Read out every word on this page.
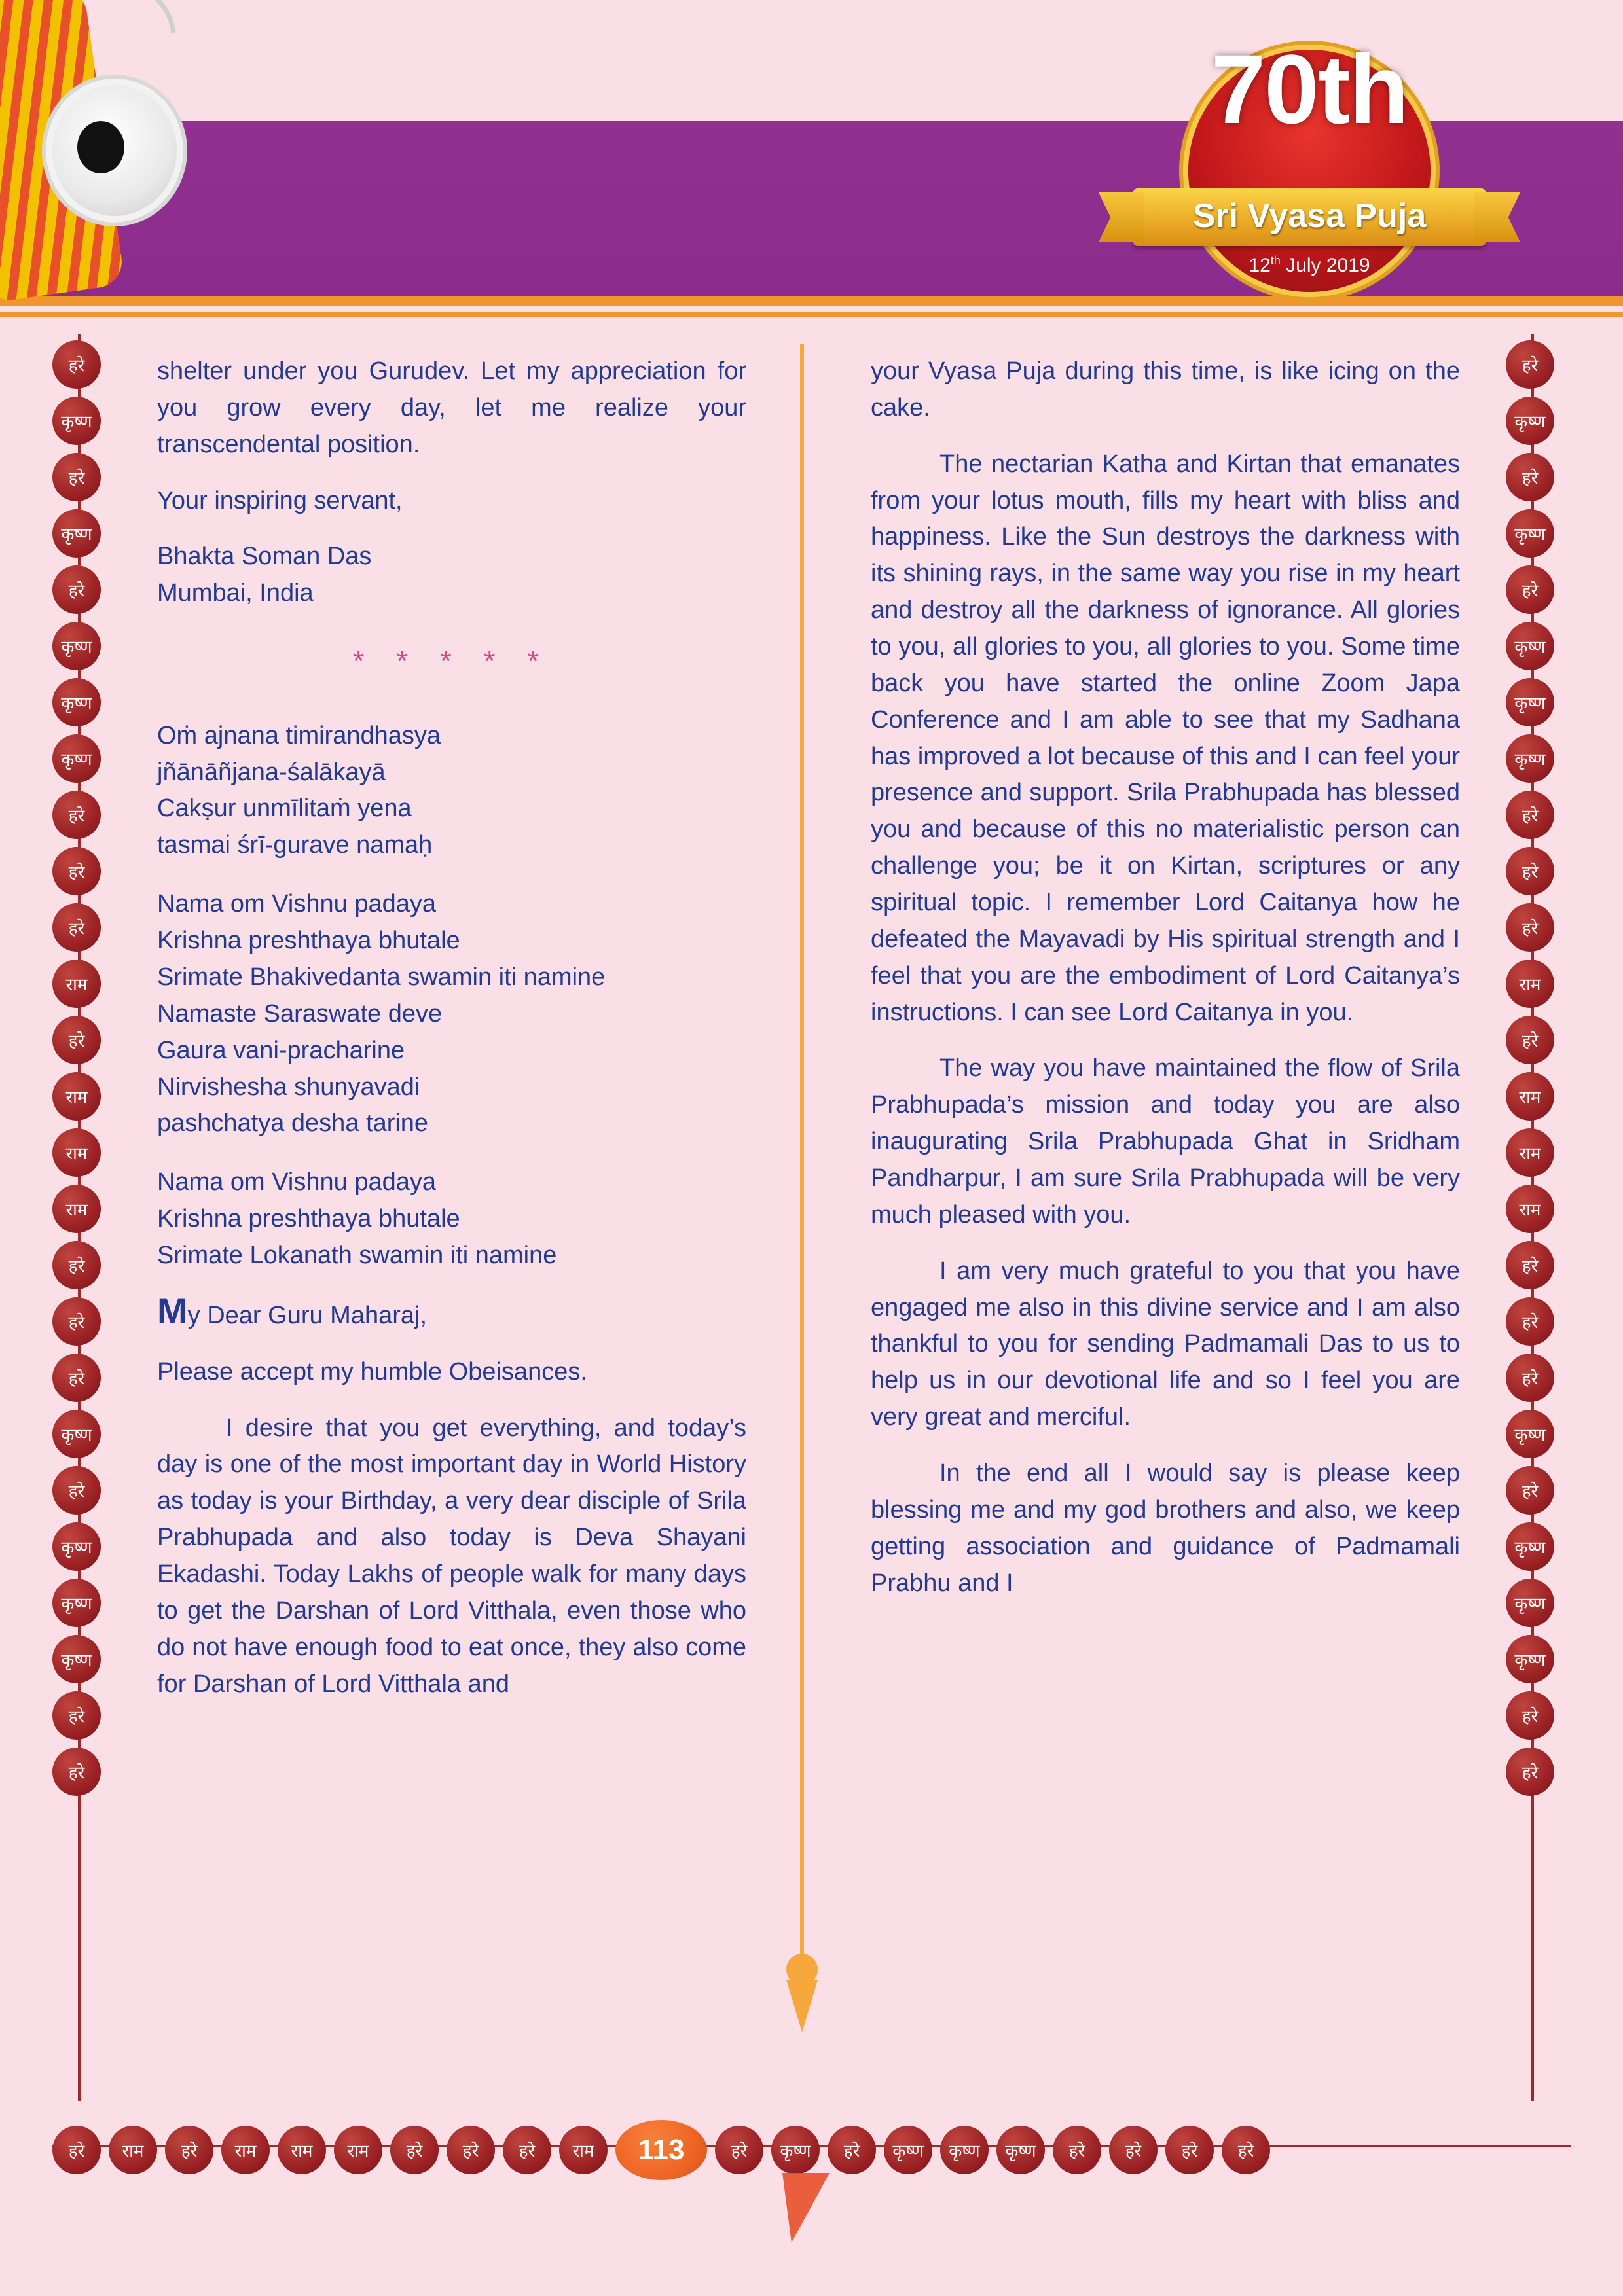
70th
Sri Vyasa Puja
12th July 2019
हरे
कृष्ण
हरे
कृष्ण
हरे
कृष्ण
कृष्ण
कृष्ण
हरे
हरे
हरे
राम
हरे
राम
राम
राम
हरे
हरे
हरे
कृष्ण
हरे
कृष्ण
कृष्ण
कृष्ण
हरे
हरे
हरे
कृष्ण
हरे
कृष्ण
हरे
कृष्ण
कृष्ण
कृष्ण
हरे
हरे
हरे
राम
हरे
राम
राम
राम
हरे
हरे
हरे
कृष्ण
हरे
कृष्ण
कृष्ण
कृष्ण
हरे
हरे

shelter under you Gurudev. Let my appreciation for you grow every day, let me realize your transcendental position.

Your inspiring servant,

Bhakta Soman Das

Mumbai, India

* * * * *
Oṁ ajnana timirandhasya
jñānāñjana-śalākayā
Cakṣur unmīlitaṁ yena
tasmai śrī-gurave namaḥ
Nama om Vishnu padaya
Krishna preshthaya bhutale
Srimate Bhakivedanta swamin iti namine
Namaste Saraswate deve
Gaura vani-pracharine
Nirvishesha shunyavadi
pashchatya desha tarine
Nama om Vishnu padaya
Krishna preshthaya bhutale
Srimate Lokanath swamin iti namine

My Dear Guru Maharaj,

Please accept my humble Obeisances.

I desire that you get everything, and today’s day is one of the most important day in World History as today is your Birthday, a very dear disciple of Srila Prabhupada and also today is Deva Shayani Ekadashi. Today Lakhs of people walk for many days to get the Darshan of Lord Vitthala, even those who do not have enough food to eat once, they also come for Darshan of Lord Vitthala and

your Vyasa Puja during this time, is like icing on the cake.

The nectarian Katha and Kirtan that emanates from your lotus mouth, fills my heart with bliss and happiness. Like the Sun destroys the darkness with its shining rays, in the same way you rise in my heart and destroy all the darkness of ignorance. All glories to you, all glories to you, all glories to you. Some time back you have started the online Zoom Japa Conference and I am able to see that my Sadhana has improved a lot because of this and I can feel your presence and support. Srila Prabhupada has blessed you and because of this no materialistic person can challenge you; be it on Kirtan, scriptures or any spiritual topic. I remember Lord Caitanya how he defeated the Mayavadi by His spiritual strength and I feel that you are the embodiment of Lord Caitanya’s instructions. I can see Lord Caitanya in you.

The way you have maintained the flow of Srila Prabhupada’s mission and today you are also inaugurating Srila Prabhupada Ghat in Sridham Pandharpur, I am sure Srila Prabhupada will be very much pleased with you.

I am very much grateful to you that you have engaged me also in this divine service and I am also thankful to you for sending Padmamali Das to us to help us in our devotional life and so I feel you are very great and merciful.

In the end all I would say is please keep blessing me and my god brothers and also, we keep getting association and guidance of Padmamali Prabhu and I

हरे	राम	हरे	राम	राम	राम	हरे	हरे	हरे	राम	113	हरे	कृष्ण	हरे	कृष्ण	कृष्ण	कृष्ण	हरे	हरे	हरे	हरे
